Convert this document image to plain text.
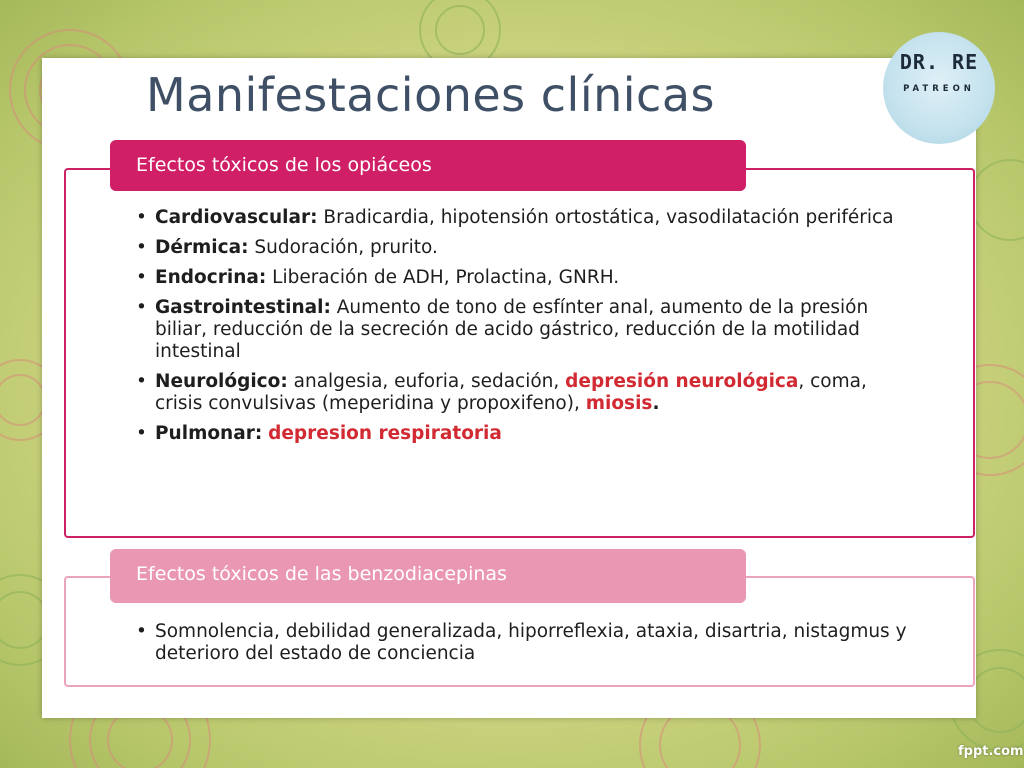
Manifestaciones clínicas
DR. RE
PATREON
Efectos tóxicos de los opiáceos
• Cardiovascular: Bradicardia, hipotensión ortostática, vasodilatación periférica
• Dérmica: Sudoración, prurito.
• Endocrina: Liberación de ADH, Prolactina, GNRH.
• Gastrointestinal: Aumento de tono de esfínter anal, aumento de la presión biliar, reducción de la secreción de acido gástrico, reducción de la motilidad intestinal
• Neurológico: analgesia, euforia, sedación, depresión neurológica, coma, crisis convulsivas (meperidina y propoxifeno), miosis.
• Pulmonar: depresion respiratoria
Efectos tóxicos de las benzodiacepinas
• Somnolencia, debilidad generalizada, hiporreflexia, ataxia, disartria, nistagmus y deterioro del estado de conciencia
fppt.com
